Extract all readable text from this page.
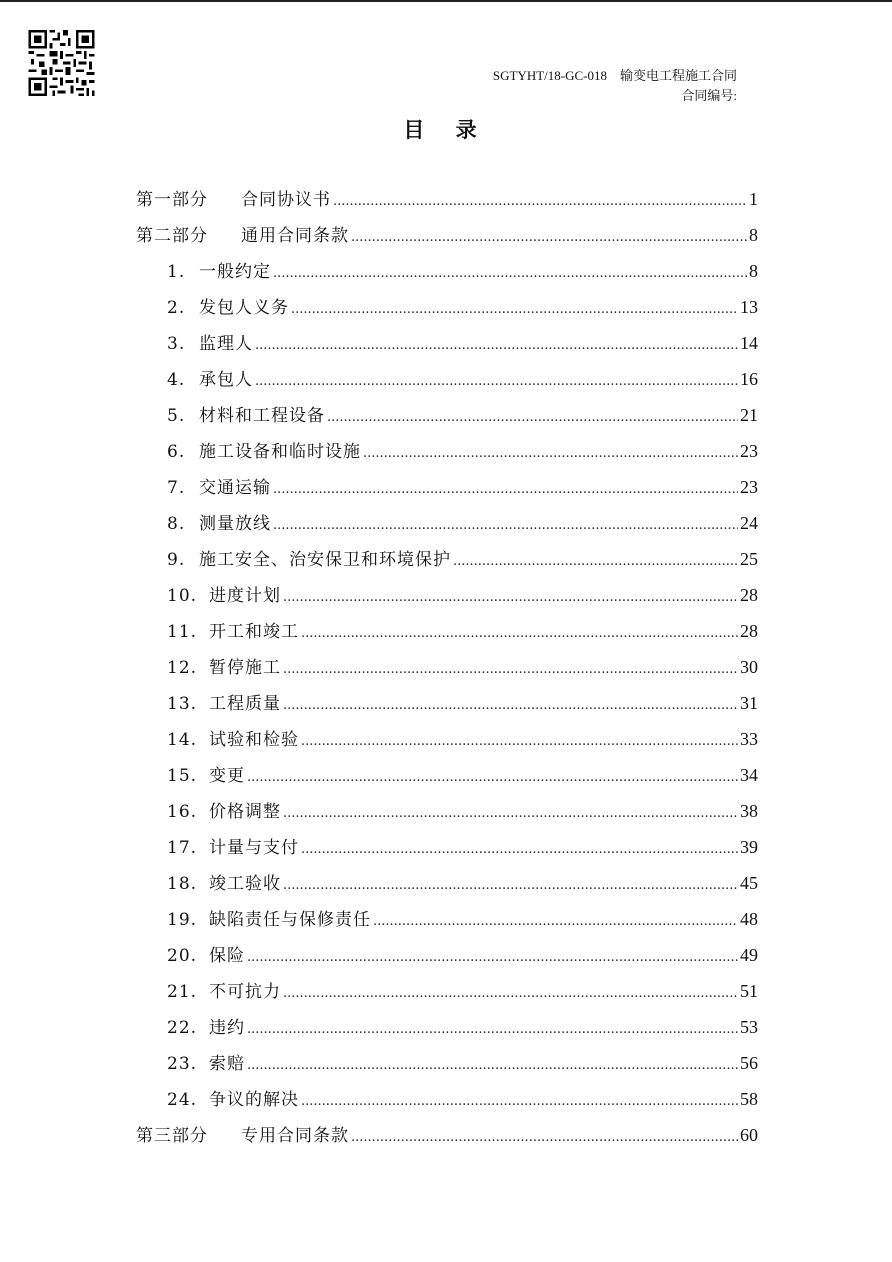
SGTYHT/18-GC-018 输变电工程施工合同
合同编号:
目 录
第一部分	合同协议书 .....	1
第二部分	通用合同条款 .....	8
1. 一般约定 .....	8
2. 发包人义务 .....	13
3. 监理人 .....	14
4. 承包人 .....	16
5. 材料和工程设备 .....	21
6. 施工设备和临时设施 .....	23
7. 交通运输 .....	23
8. 测量放线 .....	24
9. 施工安全、治安保卫和环境保护 .....	25
10. 进度计划 .....	28
11. 开工和竣工 .....	28
12. 暂停施工 .....	30
13. 工程质量 .....	31
14. 试验和检验 .....	33
15. 变更 .....	34
16. 价格调整 .....	38
17. 计量与支付 .....	39
18. 竣工验收 .....	45
19. 缺陷责任与保修责任 .....	48
20. 保险 .....	49
21. 不可抗力 .....	51
22. 违约 .....	53
23. 索赔 .....	56
24. 争议的解决 .....	58
第三部分	专用合同条款 .....	60
